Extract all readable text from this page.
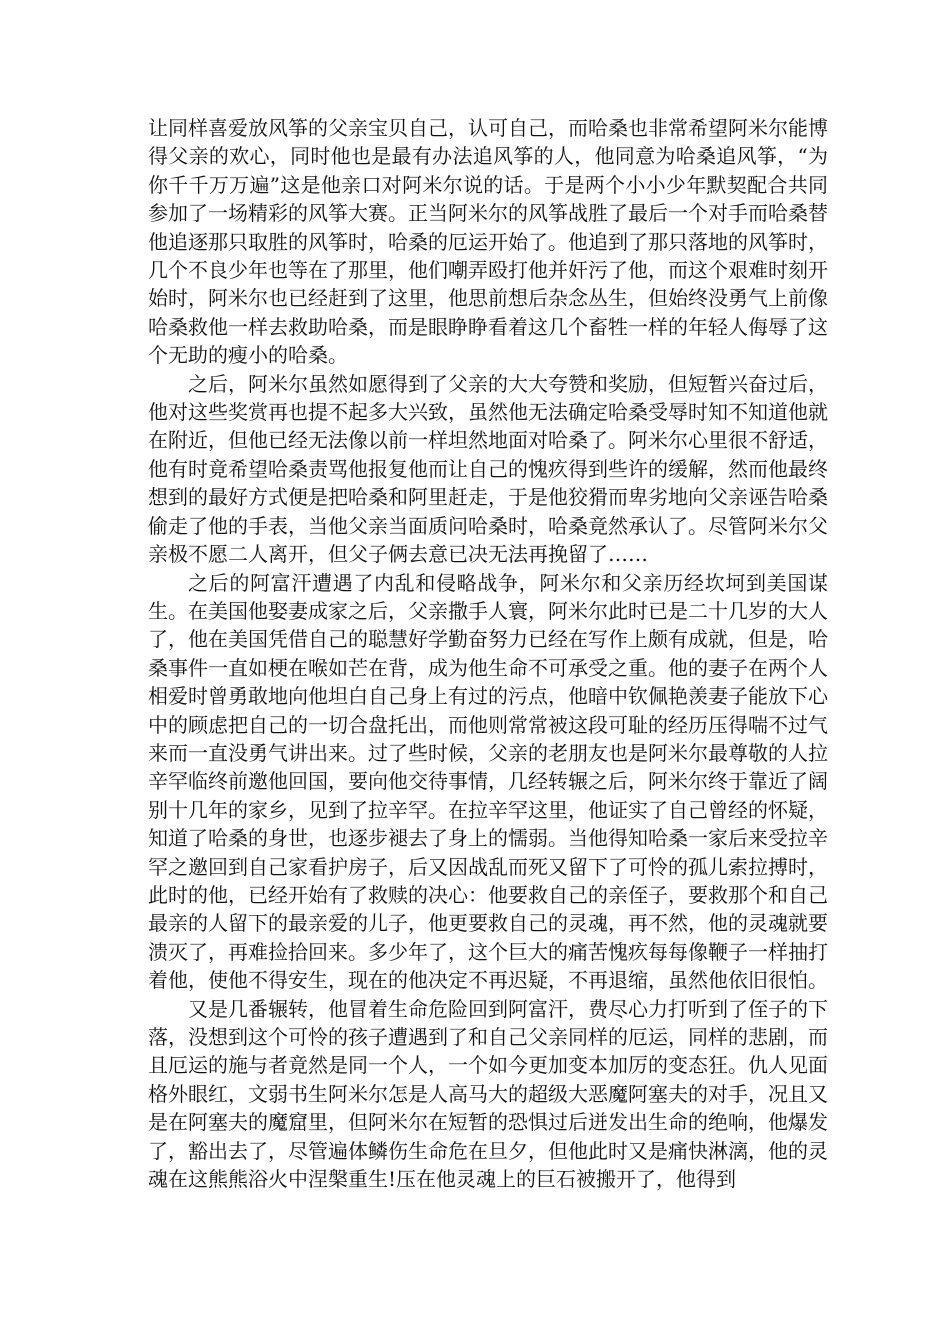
让同样喜爱放风筝的父亲宝贝自己，认可自己，而哈桑也非常希望阿米尔能博得父亲的欢心，同时他也是最有办法追风筝的人，他同意为哈桑追风筝，“为你千千万万遍”这是他亲口对阿米尔说的话。于是两个小小少年默契配合共同参加了一场精彩的风筝大赛。正当阿米尔的风筝战胜了最后一个对手而哈桑替他追逐那只取胜的风筝时，哈桑的厄运开始了。他追到了那只落地的风筝时，几个不良少年也等在了那里，他们嘲弄殴打他并奸污了他，而这个艰难时刻开始时，阿米尔也已经赶到了这里，他思前想后杂念丛生，但始终没勇气上前像哈桑救他一样去救助哈桑，而是眼睁睁看着这几个畜牲一样的年轻人侮辱了这个无助的瘦小的哈桑。

之后，阿米尔虽然如愿得到了父亲的大大夸赞和奖励，但短暂兴奋过后，他对这些奖赏再也提不起多大兴致，虽然他无法确定哈桑受辱时知不知道他就在附近，但他已经无法像以前一样坦然地面对哈桑了。阿米尔心里很不舒适，他有时竟希望哈桑责骂他报复他而让自己的愧疚得到些许的缓解，然而他最终想到的最好方式便是把哈桑和阿里赶走，于是他狡猾而卑劣地向父亲诬告哈桑偷走了他的手表，当他父亲当面质问哈桑时，哈桑竟然承认了。尽管阿米尔父亲极不愿二人离开，但父子俩去意已决无法再挽留了……

之后的阿富汗遭遇了内乱和侵略战争，阿米尔和父亲历经坎坷到美国谋生。在美国他娶妻成家之后，父亲撒手人寰，阿米尔此时已是二十几岁的大人了，他在美国凭借自己的聪慧好学勤奋努力已经在写作上颇有成就，但是，哈桑事件一直如梗在喉如芒在背，成为他生命不可承受之重。他的妻子在两个人相爱时曾勇敢地向他坦白自己身上有过的污点，他暗中钦佩艳羡妻子能放下心中的顾虑把自己的一切合盘托出，而他则常常被这段可耻的经历压得喘不过气来而一直没勇气讲出来。过了些时候，父亲的老朋友也是阿米尔最尊敬的人拉辛罕临终前邀他回国，要向他交待事情，几经转辗之后，阿米尔终于靠近了阔别十几年的家乡，见到了拉辛罕。在拉辛罕这里，他证实了自己曾经的怀疑，知道了哈桑的身世，也逐步褪去了身上的懦弱。当他得知哈桑一家后来受拉辛罕之邀回到自己家看护房子，后又因战乱而死又留下了可怜的孤儿索拉搏时，此时的他，已经开始有了救赎的决心：他要救自己的亲侄子，要救那个和自己最亲的人留下的最亲爱的儿子，他更要救自己的灵魂，再不然，他的灵魂就要溃灭了，再难捡拾回来。多少年了，这个巨大的痛苦愧疚每每像鞭子一样抽打着他，使他不得安生，现在的他决定不再迟疑，不再退缩，虽然他依旧很怕。

又是几番辗转，他冒着生命危险回到阿富汗，费尽心力打听到了侄子的下落，没想到这个可怜的孩子遭遇到了和自己父亲同样的厄运，同样的悲剧，而且厄运的施与者竟然是同一个人，一个如今更加变本加厉的变态狂。仇人见面格外眼红，文弱书生阿米尔怎是人高马大的超级大恶魔阿塞夫的对手，况且又是在阿塞夫的魔窟里，但阿米尔在短暂的恐惧过后迸发出生命的绝响，他爆发了，豁出去了，尽管遍体鳞伤生命危在旦夕，但他此时又是痛快淋漓，他的灵魂在这熊熊浴火中涅槃重生!压在他灵魂上的巨石被搬开了，他得到
